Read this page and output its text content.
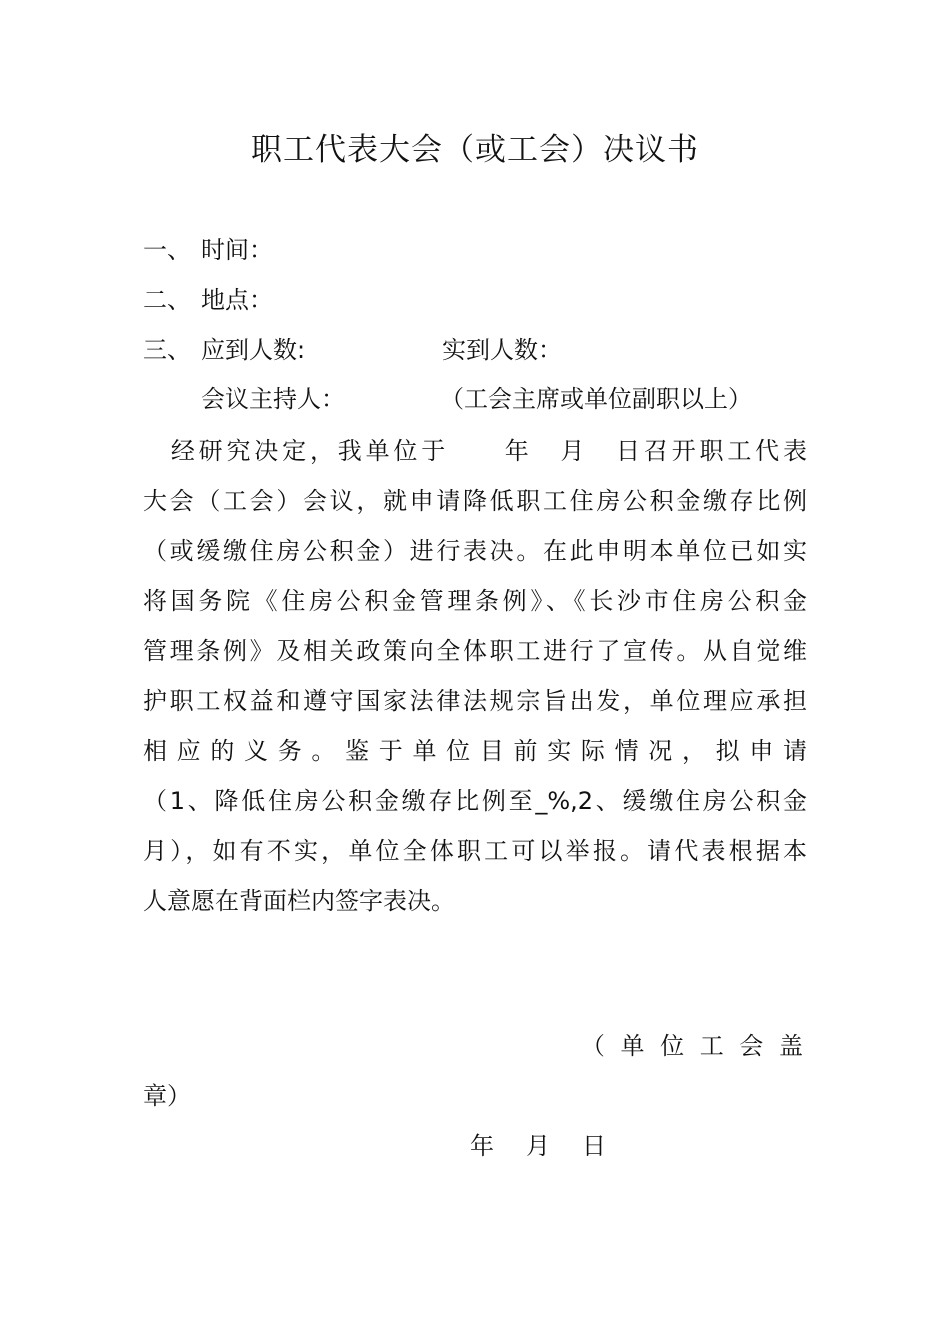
职工代表大会（或工会）决议书
一、 时间：
二、 地点：
三、 应到人数:	实到人数：
会议主持人：	（工会主席或单位副职以上）
　经研究决定，我单位于　　年　月　日召开职工代表
大会（工会）会议，就申请降低职工住房公积金缴存比例
（或缓缴住房公积金）进行表决。在此申明本单位已如实
将国务院《住房公积金管理条例》、《长沙市住房公积金
管理条例》及相关政策向全体职工进行了宣传。从自觉维
护职工权益和遵守国家法律法规宗旨出发，单位理应承担
相应的义务。鉴于单位目前实际情况，拟申请
（1、降低住房公积金缴存比例至_%,2、缓缴住房公积金
月），如有不实，单位全体职工可以举报。请代表根据本
人意愿在背面栏内签字表决。
（ 单 位 工 会 盖
章）
年　月　日
